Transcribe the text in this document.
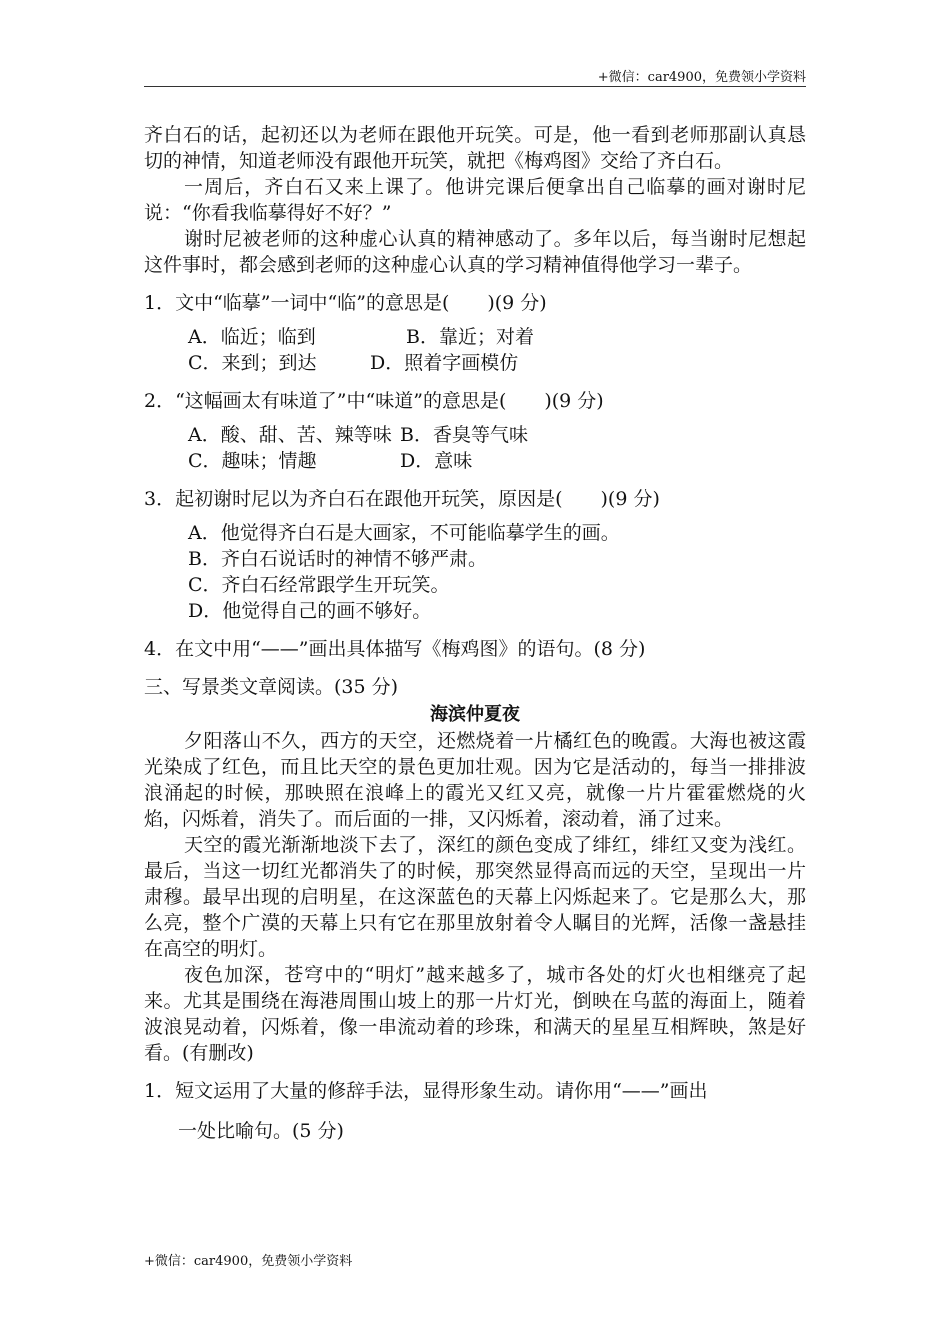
+微信：car4900，免费领小学资料

齐白石的话，起初还以为老师在跟他开玩笑。可是，他一看到老师那副认真恳切的神情，知道老师没有跟他开玩笑，就把《梅鸡图》交给了齐白石。

一周后，齐白石又来上课了。他讲完课后便拿出自己临摹的画对谢时尼说：“你看我临摹得好不好？”

谢时尼被老师的这种虚心认真的精神感动了。多年以后，每当谢时尼想起这件事时，都会感到老师的这种虚心认真的学习精神值得他学习一辈子。

1．文中“临摹”一词中“临”的意思是(　　)(9 分)

A．临近；临到	B．靠近；对着
C．来到；到达	D．照着字画模仿

2．“这幅画太有味道了”中“味道”的意思是(　　)(9 分)

A．酸、甜、苦、辣等味 B．香臭等气味
C．趣味；情趣	D．意味

3．起初谢时尼以为齐白石在跟他开玩笑，原因是(　　)(9 分)

A．他觉得齐白石是大画家，不可能临摹学生的画。
B．齐白石说话时的神情不够严肃。
C．齐白石经常跟学生开玩笑。
D．他觉得自己的画不够好。

4．在文中用“——”画出具体描写《梅鸡图》的语句。(8 分)

三、写景类文章阅读。(35 分)

海滨仲夏夜

夕阳落山不久，西方的天空，还燃烧着一片橘红色的晚霞。大海也被这霞光染成了红色，而且比天空的景色更加壮观。因为它是活动的，每当一排排波浪涌起的时候，那映照在浪峰上的霞光又红又亮，就像一片片霍霍燃烧的火焰，闪烁着，消失了。而后面的一排，又闪烁着，滚动着，涌了过来。

天空的霞光渐渐地淡下去了，深红的颜色变成了绯红，绯红又变为浅红。最后，当这一切红光都消失了的时候，那突然显得高而远的天空，呈现出一片肃穆。最早出现的启明星，在这深蓝色的天幕上闪烁起来了。它是那么大，那么亮，整个广漠的天幕上只有它在那里放射着令人瞩目的光辉，活像一盏悬挂在高空的明灯。

夜色加深，苍穹中的“明灯”越来越多了，城市各处的灯火也相继亮了起来。尤其是围绕在海港周围山坡上的那一片灯光，倒映在乌蓝的海面上，随着波浪晃动着，闪烁着，像一串流动着的珍珠，和满天的星星互相辉映，煞是好看。(有删改)

1．短文运用了大量的修辞手法，显得形象生动。请你用“——”画出

一处比喻句。(5 分)

+微信：car4900，免费领小学资料
